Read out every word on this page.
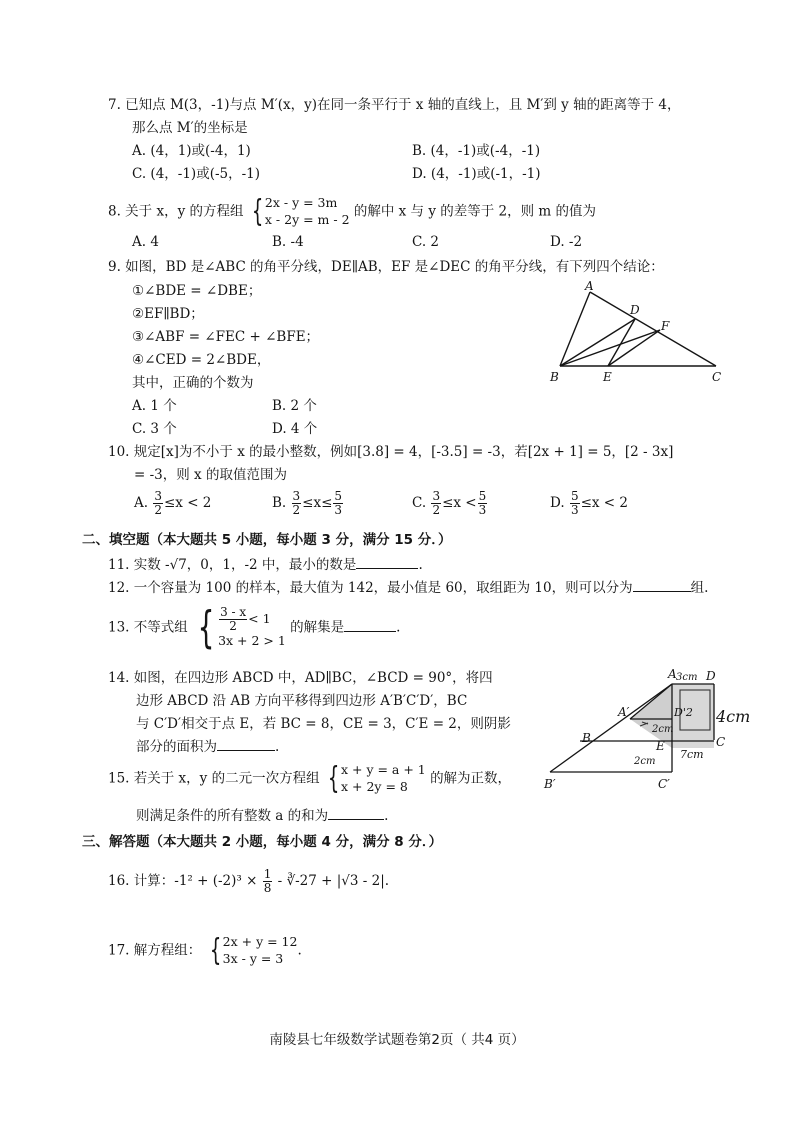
7. 已知点 M(3，-1)与点 M′(x，y)在同一条平行于 x 轴的直线上，且 M′到 y 轴的距离等于 4，
那么点 M′的坐标是
A. (4，1)或(-4，1)	B. (4，-1)或(-4，-1)
C. (4，-1)或(-5，-1)	D. (4，-1)或(-1，-1)
8. 关于 x，y 的方程组 { 2x - y = 3m
x - 2y = m - 2 的解中 x 与 y 的差等于 2，则 m 的值为
A. 4	B. -4	C. 2	D. -2
9. 如图，BD 是∠ABC 的角平分线，DE∥AB，EF 是∠DEC 的角平分线，有下列四个结论：
①∠BDE = ∠DBE；
②EF∥BD；
③∠ABF = ∠FEC + ∠BFE；
④∠CED = 2∠BDE，
其中，正确的个数为
A. 1 个	B. 2 个
C. 3 个	D. 4 个
A
D
F
B	E	C
10. 规定[x]为不小于 x 的最小整数，例如[3.8] = 4，[-3.5] = -3，若[2x + 1] = 5，[2 - 3x]
= -3，则 x 的取值范围为
A. $\frac{3}{2} \le x < 2$	B. $\frac{3}{2} \le x\le \frac{5}{3}$	C. $\frac{3}{2} \le x < \frac{5}{3}$	D. $\frac{5}{3} \le x < 2$
二、填空题（本大题共 5 小题，每小题 3 分，满分 15 分．）
11. 实数 -√7，0，1，-2 中，最小的数是	.
12. 一个容量为 100 的样本，最大值为 142，最小值是 60，取组距为 10，则可以分为	组.
13. 不等式组 { $\frac{3 - x}{2} < 1$
3x + 2 > 1
的解集是	.
14. 如图，在四边形 ABCD 中，AD∥BC，∠BCD = 90°，将四
边形 ABCD 沿 AB 方向平移得到四边形 A′B′C′D′，BC
与 C′D′相交于点 E，若 BC = 8，CE = 3，C′E = 2，则阴影
部分的面积为	.
A 3cm D
A′
2cm
D'2 4cm
B
E
7cm
C
2cm
B′	C′
15. 若关于 x，y 的二元一次方程组 { x + y = a + 1
x + 2y = 8	的解为正数，
则满足条件的所有整数 a 的和为	.
三、解答题（本大题共 2 小题，每小题 4 分，满分 8 分．）
16. 计算：$-1^2 + (-2)^3 \times \frac{1}{8}$ - ∛-27 + |√3 - 2|.
17. 解方程组： { 2x + y = 12
3x - y = 3	.
南陵县七年级数学试题卷第2页（ 共4 页）
